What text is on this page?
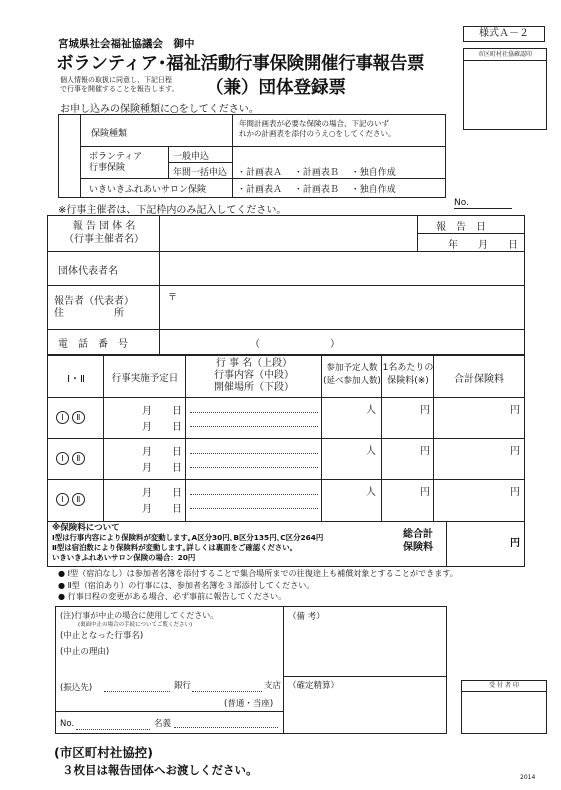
様式Ａ－２
市区町村社協確認印
宮城県社会福祉協議会　御中
ボランティア･福祉活動行事保険開催行事報告票
個人情報の取扱に同意し、下記日程
で行事を開催することを報告します。 （兼）団体登録票
お申し込みの保険種類に○をしてください。
保険種類
年間計画表が必要な保険の場合、下記のいず
れかの計画表を添付のうえ○をしてください。
ボランティア
行事保険
一般申込
年間一括申込	・計画表Ａ　 ・計画表Ｂ　 ・独自作成
いきいきふれあいサロン保険	・計画表Ａ　 ・計画表Ｂ　 ・独自作成
※行事主催者は、下記枠内のみ記入してください。
No.
報 告 団 体 名
（行事主催者名）
報　告　日
年　　月　　日
団体代表者名
報告者（代表者）
住　　　　　所
〒
電　話　番　号	（　　　　　　　）
Ⅰ・Ⅱ	行事実施予定日
行 事 名（上段）
行事内容（中段）
開催場所（下段）
参加予定人数
(延べ参加人数)
1名あたりの
保険料(※)	合計保険料
Ⅰ Ⅱ
月　　 日
月　　 日
人	円	円
Ⅰ Ⅱ
月　　 日
月　　 日
人	円	円
Ⅰ Ⅱ
月　　 日
月　　 日
人	円	円
※保険料について
Ⅰ型は行事内容により保険料が変動します｡A区分30円､B区分135円､C区分264円
Ⅱ型は宿泊数により保険料が変動します｡詳しくは裏面をご確認ください｡
いきいきふれあいサロン保険の場合：20円
総合計
保険料	円
● Ⅰ型（宿泊なし）は参加者名簿を添付することで集合場所までの往復途上も補償対象とすることができます。
● Ⅱ型（宿泊あり）の行事には、参加者名簿を３部添付してください。
● 行事日程の変更がある場合、必ず事前に報告してください。
(注)行事が中止の場合に使用してください。
(裏面中止の場合の手続についてご覧ください)
(中止となった行事名)
(中止の理由)
（備 考）
(振込先)	銀行	支店
(普通・当座)
No.	名義
（確定精算）	受 付 者 印
(市区町村社協控)
３枚目は報告団体へお渡しください。
2014
